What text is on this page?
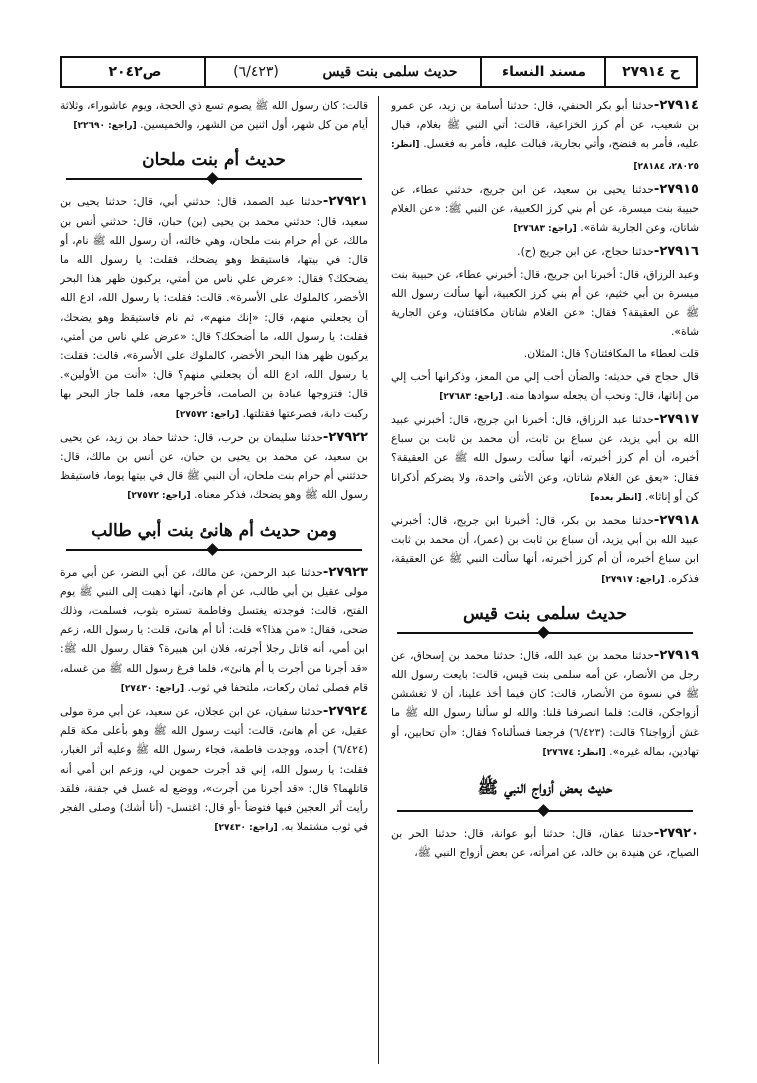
ح ٢٧٩١٤
مسند النساء
حديث سلمى بنت قيس
(٦/٤٢٣)
ص٢٠٤٢

٢٧٩١٤-حدثنا أبو بكر الحنفي، قال: حدثنا أسامة بن زيد، عن عمرو بن شعيب، عن أم كرز الخزاعية، قالت: أتي النبي ﷺ بغلام، فبال عليه، فأمر به فنضح، وأتي بجارية، فبالت عليه، فأمر به فغسل. [انظر: ٢٨٠٢٥، ٢٨١٨٤]

٢٧٩١٥-حدثنا يحيى بن سعيد، عن ابن جريج، حدثني عطاء، عن حبيبة بنت ميسرة، عن أم بني كرز الكعبية، عن النبي ﷺ: «عن الغلام شاتان، وعن الجارية شاة». [راجع: ٢٧٦٨٣]

٢٧٩١٦-حدثنا حجاج، عن ابن جريج (ح).

وعبد الرزاق، قال: أخبرنا ابن جريج، قال: أخبرني عطاء، عن حبيبة بنت ميسرة بن أبي خثيم، عن أم بني كرز الكعبية، أنها سألت رسول الله ﷺ عن العقيقة؟ فقال: «عن الغلام شاتان مكافئتان، وعن الجارية شاة».

قلت لعطاء ما المكافئتان؟ قال: المثلان.

قال حجاج في حديثه: والضأن أحب إلي من المعز، وذكرانها أحب إلي من إناثها، قال: ونحب أن يجعله سوادها منه. [راجع: ٢٧٦٨٣]

٢٧٩١٧-حدثنا عبد الرزاق، قال: أخبرنا ابن جريج، قال: أخبرني عبيد الله بن أبي يزيد، عن سباع بن ثابت، أن محمد بن ثابت بن سباع أخبره، أن أم كرز أخبرته، أنها سألت رسول الله ﷺ عن العقيقة؟ فقال: «يعق عن الغلام شاتان، وعن الأنثى واحدة، ولا يضركم أذكرانا كن أو إناثا». [انظر بعده]

٢٧٩١٨-حدثنا محمد بن بكر، قال: أخبرنا ابن جريج، قال: أخبرني عبيد الله بن أبي يزيد، أن سباع بن ثابت بن (عمر)، أن محمد بن ثابت ابن سباع أخبره، أن أم كرز أخبرته، أنها سألت النبي ﷺ عن العقيقة، فذكره. [راجع: ٢٧٩١٧]

حديث سلمى بنت قيس

٢٧٩١٩-حدثنا محمد بن عبد الله، قال: حدثنا محمد بن إسحاق، عن رجل من الأنصار، عن أمه سلمى بنت قيس، قالت: بايعت رسول الله ﷺ في نسوة من الأنصار، قالت: كان فيما أخذ علينا، أن لا تغششن أزواجكن، قالت: فلما انصرفنا قلنا: والله لو سألنا رسول الله ﷺ ما غش أزواجنا؟ قالت: (٦/٤٢٣) فرجعنا فسألناه؟ فقال: «أن تحابين، أو تهادين، بماله غيره». [انظر: ٢٧٦٧٤]

حديث بعض أزواج النبي ﷺ

٢٧٩٢٠-حدثنا عفان، قال: حدثنا أبو عوانة، قال: حدثنا الحر بن الصياح، عن هنيدة بن خالد، عن امرأته، عن بعض أزواج النبي ﷺ،

قالت: كان رسول الله ﷺ يصوم تسع ذي الحجة، ويوم عاشوراء، وثلاثة أيام من كل شهر، أول اثنين من الشهر، والخميسين. [راجع: ٢٢٦٩٠]

حديث أم بنت ملحان

٢٧٩٢١-حدثنا عبد الصمد، قال: حدثني أبي، قال: حدثنا يحيى بن سعيد، قال: حدثني محمد بن يحيى (بن) حبان، قال: حدثني أنس بن مالك، عن أم حرام بنت ملحان، وهي خالته، أن رسول الله ﷺ نام، أو قال: في بيتها، فاستيقظ وهو يضحك، فقلت: يا رسول الله ما يضحكك؟ فقال: «عرض علي ناس من أمتي، يركبون ظهر هذا البحر الأخضر، كالملوك على الأسرة». قالت: فقلت: يا رسول الله، ادع الله أن يجعلني منهم، قال: «إنك منهم»، ثم نام فاستيقظ وهو يضحك، فقلت: يا رسول الله، ما أضحكك؟ قال: «عرض علي ناس من أمتي، يركبون ظهر هذا البحر الأخضر، كالملوك على الأسرة»، قالت: فقلت: يا رسول الله، ادع الله أن يجعلني منهم؟ قال: «أنت من الأولين». قال: فتزوجها عبادة بن الصامت، فأخرجها معه، فلما جاز البحر بها ركبت دابة، فصرعتها فقتلتها. [راجع: ٢٧٥٧٢]

٢٧٩٢٢-حدثنا سليمان بن حرب، قال: حدثنا حماد بن زيد، عن يحيى بن سعيد، عن محمد بن يحيى بن حبان، عن أنس بن مالك، قال: حدثتني أم حرام بنت ملحان، أن النبي ﷺ قال في بيتها يوما، فاستيقظ رسول الله ﷺ وهو يضحك، فذكر معناه. [راجع: ٢٧٥٧٢]

ومن حديث أم هانئ بنت أبي طالب

٢٧٩٢٣-حدثنا عبد الرحمن، عن مالك، عن أبي النضر، عن أبي مرة مولى عقيل بن أبي طالب، عن أم هانئ، أنها ذهبت إلى النبي ﷺ يوم الفتح، قالت: فوجدته يغتسل وفاطمة تستره بثوب، فسلمت، وذلك ضحى، فقال: «من هذا؟» قلت: أنا أم هانئ، قلت: يا رسول الله، زعم ابن أمي، أنه قاتل رجلا أجرته، فلان ابن هبيرة؟ فقال رسول الله ﷺ: «قد أجرنا من أجرت يا أم هانئ»، فلما فرغ رسول الله ﷺ من غسله، قام فصلى ثمان ركعات، ملتحفا في ثوب. [راجع: ٢٧٤٣٠]

٢٧٩٢٤-حدثنا سفيان، عن ابن عجلان، عن سعيد، عن أبي مرة مولى عقيل، عن أم هانئ، قالت: أتيت رسول الله ﷺ وهو بأعلى مكة قلم (٦/٤٢٤) أجده، ووجدت فاطمة، فجاء رسول الله ﷺ وعليه أثر الغبار، فقلت: يا رسول الله، إني قد أجرت حموين لي، وزعم ابن أمي أنه قاتلهما؟ قال: «قد أجرنا من أجرت»، ووضع له غسل في جفنة، فلقد رأيت أثر العجين فيها فتوضأ -أو قال: اغتسل- (أنا أشك) وصلى الفجر في ثوب مشتملا به. [راجع: ٢٧٤٣٠]
